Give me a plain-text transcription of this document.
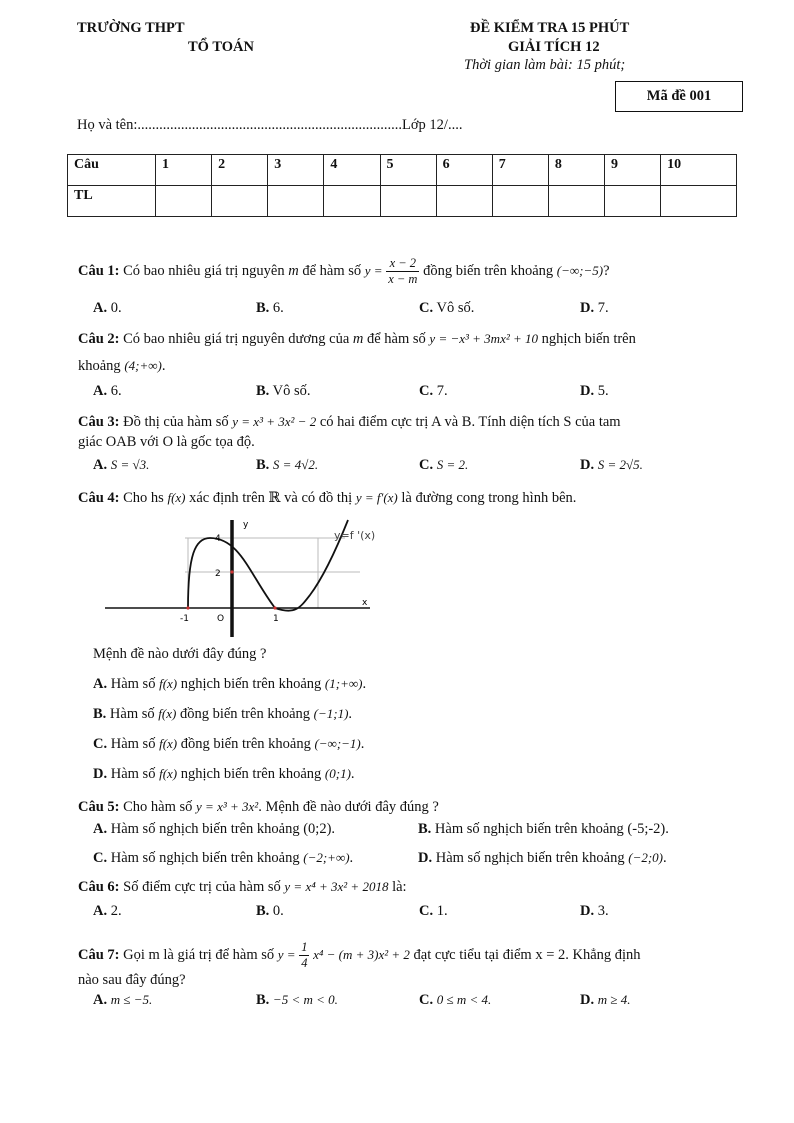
TRƯỜNG THPT
TỔ TOÁN
ĐỀ KIỂM TRA 15 PHÚT
GIẢI TÍCH 12
Thời gian làm bài: 15 phút;
Mã đề 001
Họ và tên:.........................................................................Lớp 12/....
Câu	1	2	3	4	5	6	7	8	9	10
TL										
Câu 1: Có bao nhiêu giá trị nguyên m để hàm số $y = \frac{x - 2}{x - m}$ đồng biến trên khoảng (−∞;−5)?
A. 0.	B. 6.	C. Vô số.	D. 7.
Câu 2: Có bao nhiêu giá trị nguyên dương của m để hàm số y = −x³ + 3mx² + 10 nghịch biến trên
khoảng (4;+∞).
A. 6.	B. Vô số.	C. 7.	D. 5.
Câu 3: Đồ thị của hàm số y = x³ + 3x² − 2 có hai điểm cực trị A và B. Tính diện tích S của tam
giác OAB với O là gốc tọa độ.
A. S = √3.	B. S = 4√2.	C. S = 2.	D. S = 2√5.
Câu 4: Cho hs f(x) xác định trên ℝ và có đồ thị y = f′(x) là đường cong trong hình bên.
y
x
y=f '(x)
-1	O	1
4
2
Mệnh đề nào dưới đây đúng ?
A. Hàm số f(x) nghịch biến trên khoảng (1;+∞).
B. Hàm số f(x) đồng biến trên khoảng (−1;1).
C. Hàm số f(x) đồng biến trên khoảng (−∞;−1).
D. Hàm số f(x) nghịch biến trên khoảng (0;1).
Câu 5: Cho hàm số y = x³ + 3x². Mệnh đề nào dưới đây đúng ?
A. Hàm số nghịch biến trên khoảng (0;2).	B. Hàm số nghịch biến trên khoảng (-5;-2).
C. Hàm số nghịch biến trên khoảng (−2;+∞).	D. Hàm số nghịch biến trên khoảng (−2;0).
Câu 6: Số điểm cực trị của hàm số y = x⁴ + 3x² + 2018 là:
A. 2.	B. 0.	C. 1.	D. 3.
Câu 7: Gọi m là giá trị để hàm số $y = \frac{1}{4} x^4 - (m + 3)x^2 + 2$ đạt cực tiểu tại điểm x = 2. Khẳng định
nào sau đây đúng?
A. m ≤ −5.	B. −5 < m < 0.	C. 0 ≤ m < 4.	D. m ≥ 4.
